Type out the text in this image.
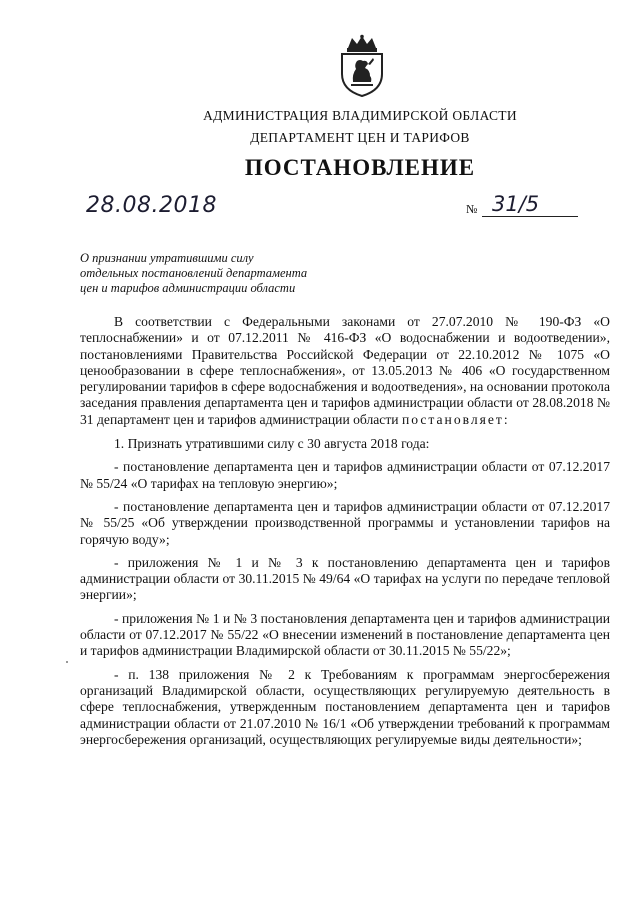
АДМИНИСТРАЦИЯ ВЛАДИМИРСКОЙ ОБЛАСТИ
ДЕПАРТАМЕНТ ЦЕН И ТАРИФОВ
ПОСТАНОВЛЕНИЕ
28.08.2018	№ 31/5
О признании утратившими силу
отдельных постановлений департамента
цен и тарифов администрации области

В соответствии с Федеральными законами от 27.07.2010 № 190-ФЗ «О теплоснабжении» и от 07.12.2011 № 416-ФЗ «О водоснабжении и водоотведении», постановлениями Правительства Российской Федерации от 22.10.2012 № 1075 «О ценообразовании в сфере теплоснабжения», от 13.05.2013 № 406 «О государственном регулировании тарифов в сфере водоснабжения и водоотведения», на основании протокола заседания правления департамента цен и тарифов администрации области от 28.08.2018 № 31 департамент цен и тарифов администрации области постановляет:

1. Признать утратившими силу с 30 августа 2018 года:

- постановление департамента цен и тарифов администрации области от 07.12.2017 № 55/24 «О тарифах на тепловую энергию»;

- постановление департамента цен и тарифов администрации области от 07.12.2017 № 55/25 «Об утверждении производственной программы и установлении тарифов на горячую воду»;

- приложения № 1 и № 3 к постановлению департамента цен и тарифов администрации области от 30.11.2015 № 49/64 «О тарифах на услуги по передаче тепловой энергии»;

- приложения № 1 и № 3 постановления департамента цен и тарифов администрации области от 07.12.2017 № 55/22 «О внесении изменений в постановление департамента цен и тарифов администрации Владимирской области от 30.11.2015 № 55/22»;

- п. 138 приложения № 2 к Требованиям к программам энергосбережения организаций Владимирской области, осуществляющих регулируемую деятельность в сфере теплоснабжения, утвержденным постановлением департамента цен и тарифов администрации области от 21.07.2010 № 16/1 «Об утверждении требований к программам энергосбережения организаций, осуществляющих регулируемые виды деятельности»;
